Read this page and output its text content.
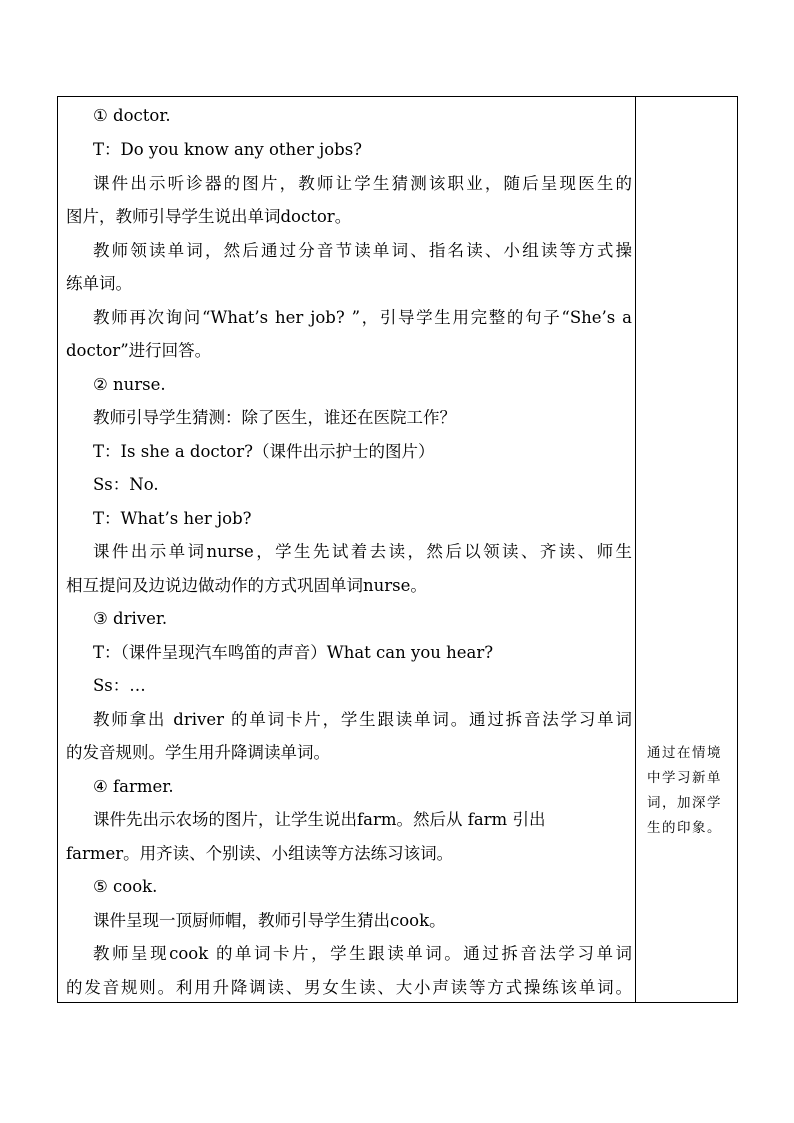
① doctor.
T：Do you know any other jobs?
课件出示听诊器的图片，教师让学生猜测该职业，随后呈现医生的
图片，教师引导学生说出单词doctor。
教师领读单词，然后通过分音节读单词、指名读、小组读等方式操
练单词。
教师再次询问“What’s her job? ”，引导学生用完整的句子“She’s a
doctor”进行回答。
② nurse.
教师引导学生猜测：除了医生，谁还在医院工作？
T：Is she a doctor?（课件出示护士的图片）
Ss：No.
T：What’s her job?
课件出示单词nurse，学生先试着去读，然后以领读、齐读、师生
相互提问及边说边做动作的方式巩固单词nurse。
③ driver.
T：（课件呈现汽车鸣笛的声音）What can you hear?
Ss：…
教师拿出 driver 的单词卡片，学生跟读单词。通过拆音法学习单词
的发音规则。学生用升降调读单词。
④ farmer.
课件先出示农场的图片，让学生说出farm。然后从 farm 引出
farmer。用齐读、个别读、小组读等方法练习该词。
⑤ cook.
课件呈现一顶厨师帽，教师引导学生猜出cook。
教师呈现cook 的单词卡片，学生跟读单词。通过拆音法学习单词
的发音规则。利用升降调读、男女生读、大小声读等方式操练该单词。
通过在情境
中学习新单
词，加深学
生的印象。
